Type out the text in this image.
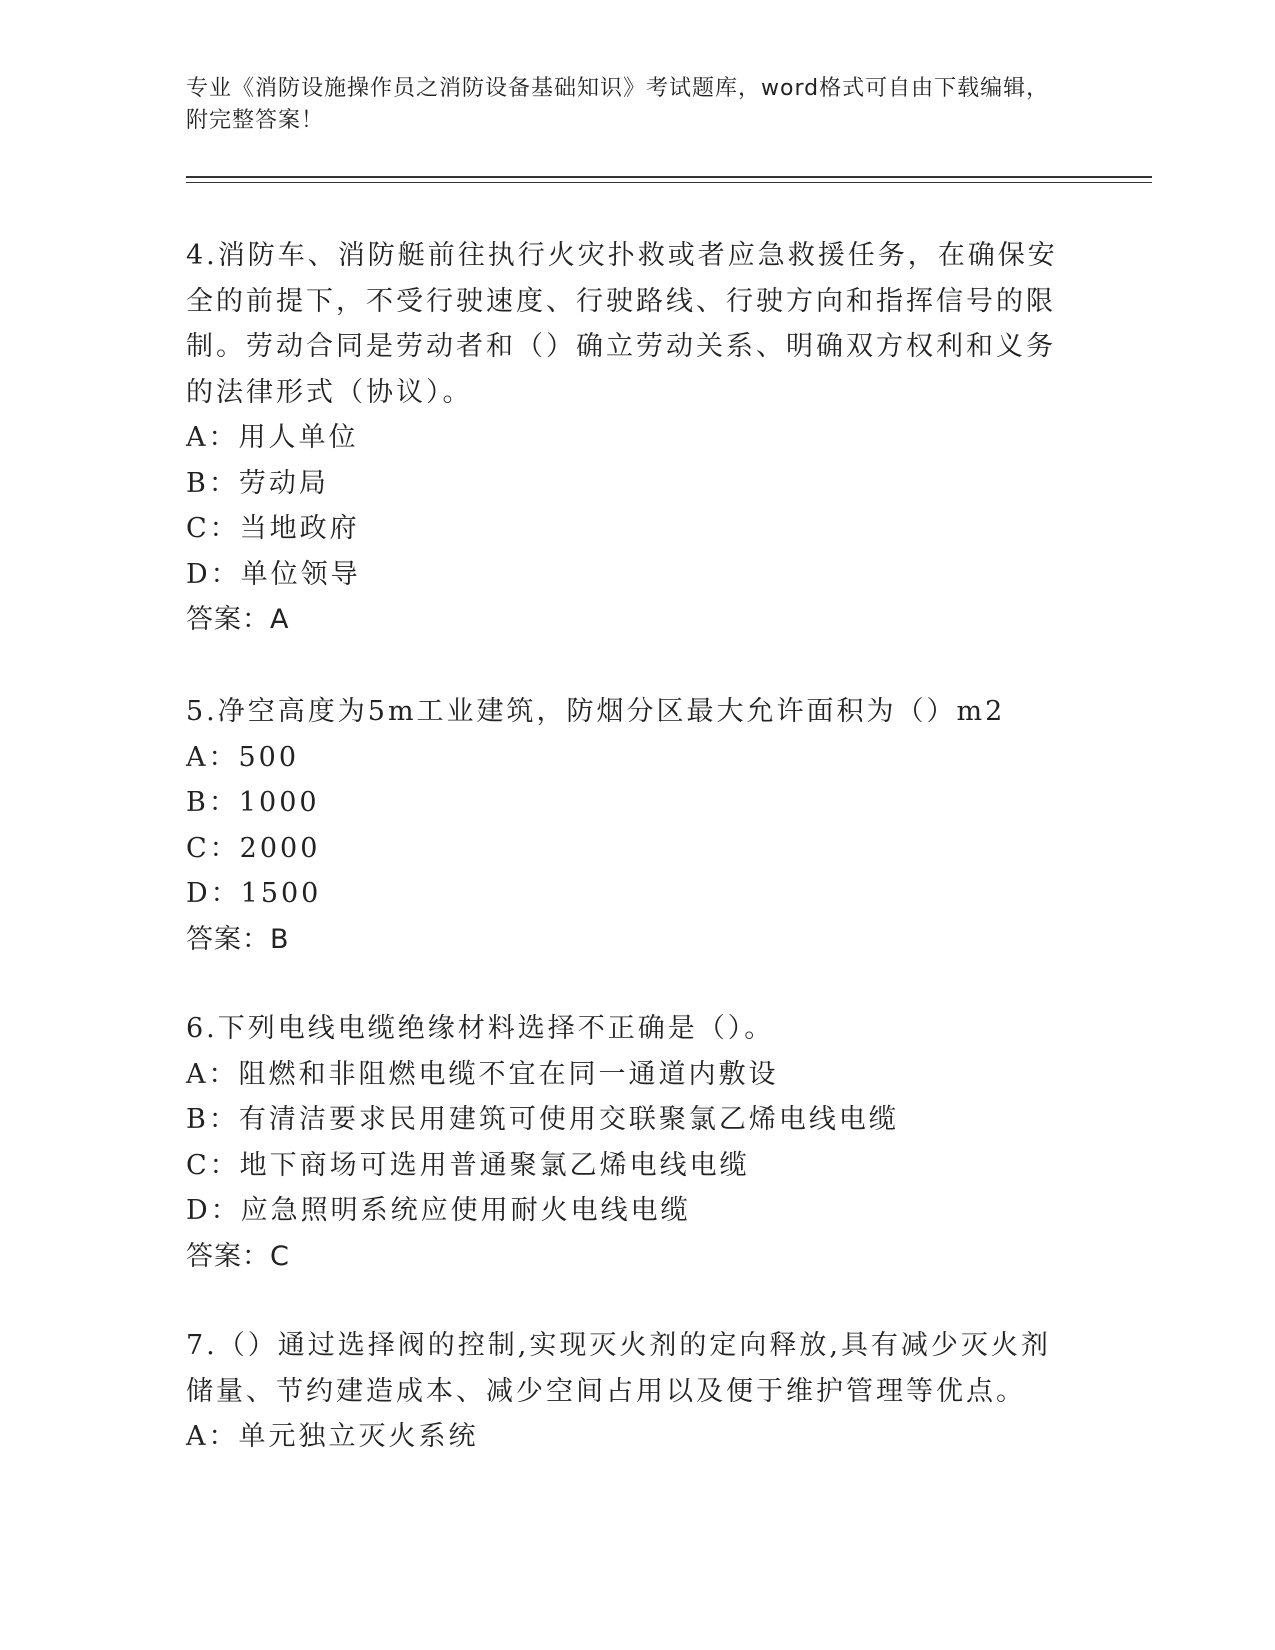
专业《消防设施操作员之消防设备基础知识》考试题库，word格式可自由下载编辑，附完整答案！

4.消防车、消防艇前往执行火灾扑救或者应急救援任务，在确保安全的前提下，不受行驶速度、行驶路线、行驶方向和指挥信号的限制。劳动合同是劳动者和（）确立劳动关系、明确双方权利和义务的法律形式（协议）。

A：用人单位

B：劳动局

C：当地政府

D：单位领导

答案：A

5.净空高度为5m工业建筑，防烟分区最大允许面积为（）m2

A：500

B：1000

C：2000

D：1500

答案：B

6.下列电线电缆绝缘材料选择不正确是（）。

A：阻燃和非阻燃电缆不宜在同一通道内敷设

B：有清洁要求民用建筑可使用交联聚氯乙烯电线电缆

C：地下商场可选用普通聚氯乙烯电线电缆

D：应急照明系统应使用耐火电线电缆

答案：C

7.（）通过选择阀的控制,实现灭火剂的定向释放,具有减少灭火剂储量、节约建造成本、减少空间占用以及便于维护管理等优点。

A：单元独立灭火系统
